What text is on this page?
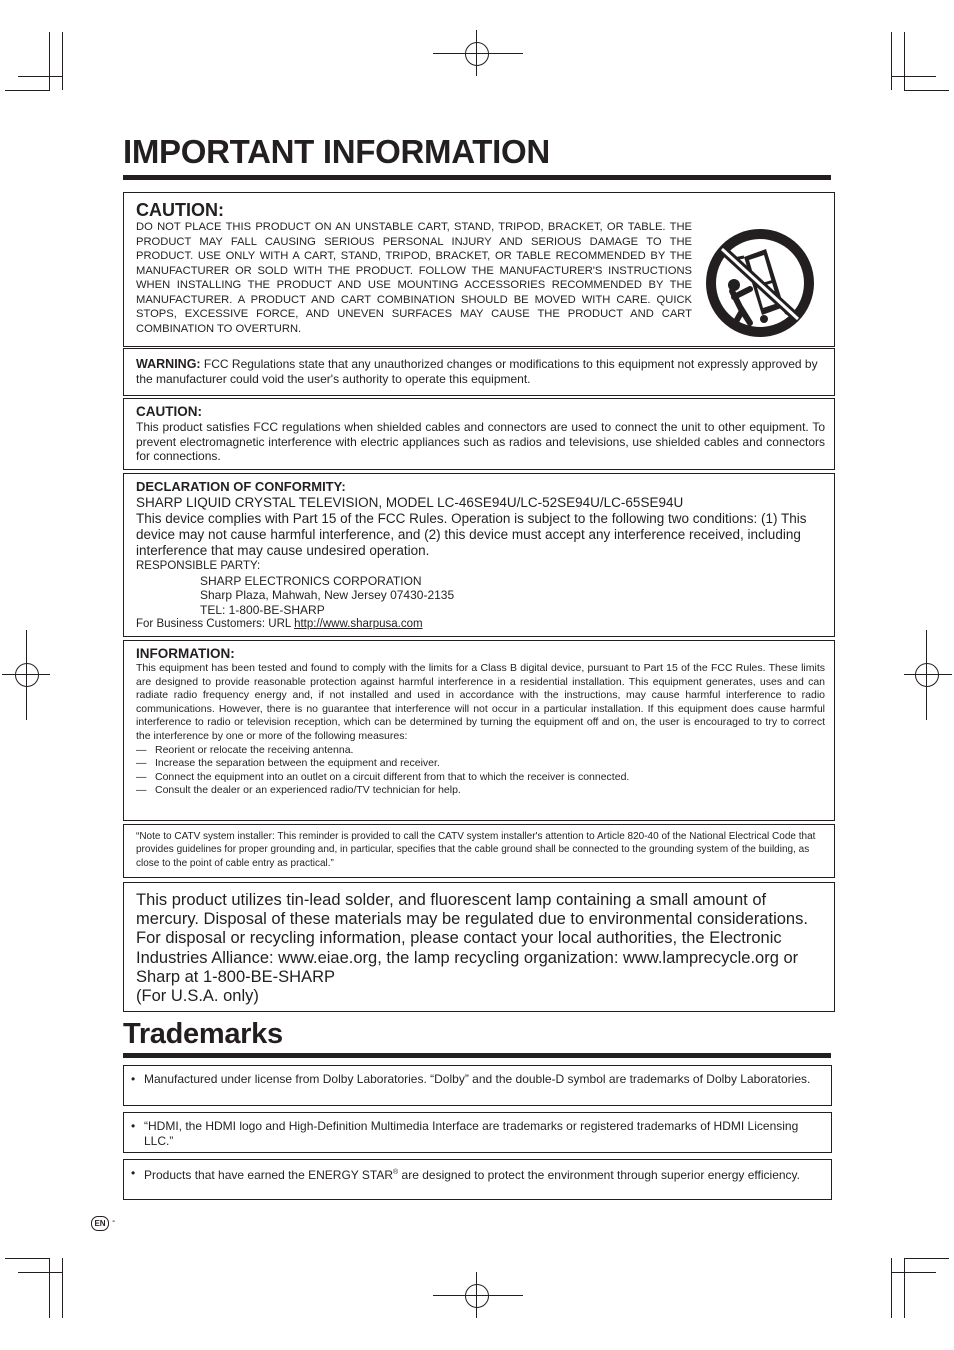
IMPORTANT INFORMATION
CAUTION:
DO NOT PLACE THIS PRODUCT ON AN UNSTABLE CART, STAND, TRIPOD, BRACKET, OR TABLE. THE PRODUCT MAY FALL CAUSING SERIOUS PERSONAL INJURY AND SERIOUS DAMAGE TO THE PRODUCT. USE ONLY WITH A CART, STAND, TRIPOD, BRACKET, OR TABLE RECOMMENDED BY THE MANUFACTURER OR SOLD WITH THE PRODUCT. FOLLOW THE MANUFACTURER'S INSTRUCTIONS WHEN INSTALLING THE PRODUCT AND USE MOUNTING ACCESSORIES RECOMMENDED BY THE MANUFACTURER. A PRODUCT AND CART COMBINATION SHOULD BE MOVED WITH CARE. QUICK STOPS, EXCESSIVE FORCE, AND UNEVEN SURFACES MAY CAUSE THE PRODUCT AND CART COMBINATION TO OVERTURN.
WARNING: FCC Regulations state that any unauthorized changes or modifications to this equipment not expressly approved by the manufacturer could void the user's authority to operate this equipment.
CAUTION:
This product satisfies FCC regulations when shielded cables and connectors are used to connect the unit to other equipment. To prevent electromagnetic interference with electric appliances such as radios and televisions, use shielded cables and connectors for connections.
DECLARATION OF CONFORMITY:
SHARP LIQUID CRYSTAL TELEVISION, MODEL LC-46SE94U/LC-52SE94U/LC-65SE94U
This device complies with Part 15 of the FCC Rules. Operation is subject to the following two conditions: (1) This device may not cause harmful interference, and (2) this device must accept any interference received, including interference that may cause undesired operation.
RESPONSIBLE PARTY:
SHARP ELECTRONICS CORPORATION
Sharp Plaza, Mahwah, New Jersey 07430-2135
TEL: 1-800-BE-SHARP
For Business Customers: URL http://www.sharpusa.com
INFORMATION:
This equipment has been tested and found to comply with the limits for a Class B digital device, pursuant to Part 15 of the FCC Rules. These limits are designed to provide reasonable protection against harmful interference in a residential installation. This equipment generates, uses and can radiate radio frequency energy and, if not installed and used in accordance with the instructions, may cause harmful interference to radio communications. However, there is no guarantee that interference will not occur in a particular installation. If this equipment does cause harmful interference to radio or television reception, which can be determined by turning the equipment off and on, the user is encouraged to try to correct the interference by one or more of the following measures:
— Reorient or relocate the receiving antenna.
— Increase the separation between the equipment and receiver.
— Connect the equipment into an outlet on a circuit different from that to which the receiver is connected.
— Consult the dealer or an experienced radio/TV technician for help.
“Note to CATV system installer: This reminder is provided to call the CATV system installer's attention to Article 820-40 of the National Electrical Code that provides guidelines for proper grounding and, in particular, specifies that the cable ground shall be connected to the grounding system of the building, as close to the point of cable entry as practical.”
This product utilizes tin-lead solder, and fluorescent lamp containing a small amount of mercury. Disposal of these materials may be regulated due to environmental considerations. For disposal or recycling information, please contact your local authorities, the Electronic Industries Alliance: www.eiae.org, the lamp recycling organization: www.lamprecycle.org or Sharp at 1-800-BE-SHARP
(For U.S.A. only)
Trademarks
• Manufactured under license from Dolby Laboratories. “Dolby” and the double-D symbol are trademarks of Dolby Laboratories.
• “HDMI, the HDMI logo and High-Definition Multimedia Interface are trademarks or registered trademarks of HDMI Licensing LLC.”
• Products that have earned the ENERGY STAR® are designed to protect the environment through superior energy efficiency.
EN -
